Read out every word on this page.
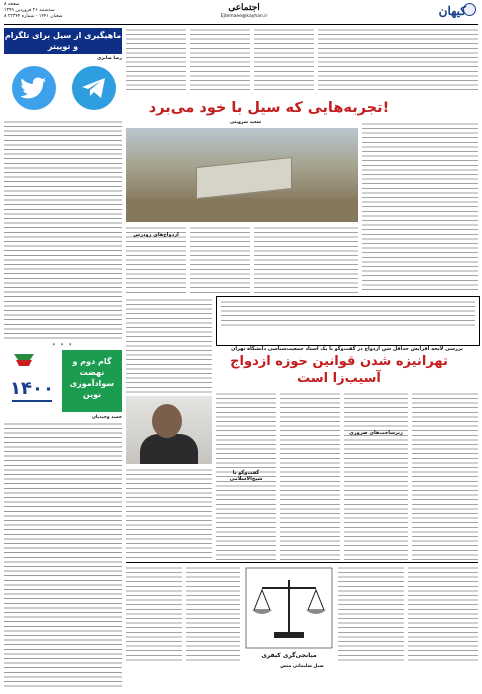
صفحه ۸
سه‌شنبه ۲۶ فروردین ۱۳۹۹
۸ شعبان ۱۴۴۱ - شماره ۲۲۳۴۴
اجتماعی
Ejtemaee@kayhan.ir	کیهان
ماهیگیری از سیل برای تلگرام و توییتر
رضا صابری
* * *
۱۴۰۰
گام دوم و نهضت سوادآموزی نوین
حمید وحیدیان
تجربه‌هایی که سیل با خود می‌برد!
سعید شروینی
ازدواج‌های زودرس
بررسی لایحه افزایش حداقل سن ازدواج در گفت‌وگو با یک استاد جمعیت‌شناسی دانشگاه تهران
تهرانیزه شدن قوانین حوزه ازدواج
آسیب‌زا است
زیرساخت‌های ضروری
گفت‌وگو با شیخ‌الاسلامی
میانجی‌گری کیفری
سیل سلیمانی منش
